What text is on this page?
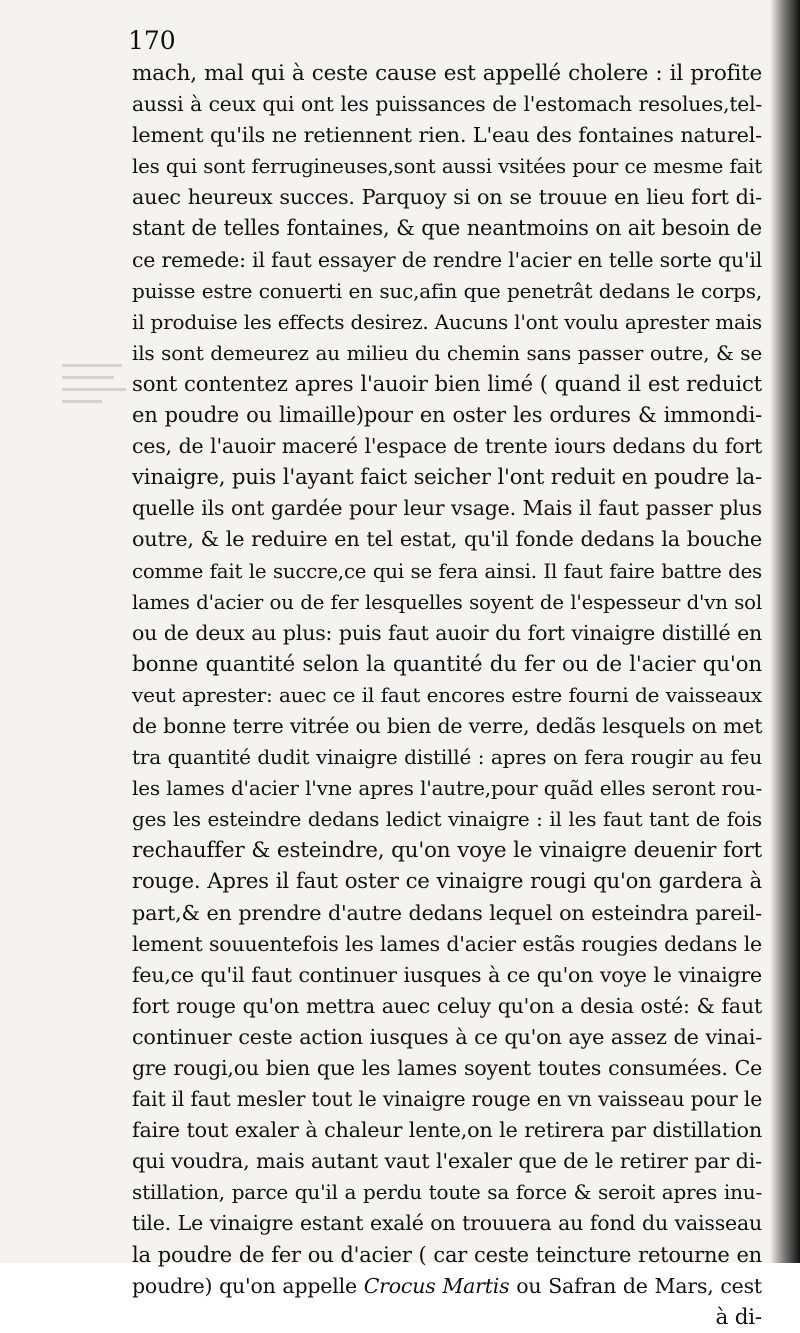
170
mach, mal qui à ceste cause est appellé cholere : il profite
aussi à ceux qui ont les puissances de l'estomach resolues,tel-
lement qu'ils ne retiennent rien. L'eau des fontaines naturel-
les qui sont ferrugineuses,sont aussi vsitées pour ce mesme fait
auec heureux succes. Parquoy si on se trouue en lieu fort di-
stant de telles fontaines, & que neantmoins on ait besoin de
ce remede: il faut essayer de rendre l'acier en telle sorte qu'il
puisse estre conuerti en suc,afin que penetrât dedans le corps,
il produise les effects desirez. Aucuns l'ont voulu aprester mais
ils sont demeurez au milieu du chemin sans passer outre, & se
sont contentez apres l'auoir bien limé ( quand il est reduict
en poudre ou limaille)pour en oster les ordures & immondi-
ces, de l'auoir maceré l'espace de trente iours dedans du fort
vinaigre, puis l'ayant faict seicher l'ont reduit en poudre la-
quelle ils ont gardée pour leur vsage. Mais il faut passer plus
outre, & le reduire en tel estat, qu'il fonde dedans la bouche
comme fait le succre,ce qui se fera ainsi. Il faut faire battre des
lames d'acier ou de fer lesquelles soyent de l'espesseur d'vn sol
ou de deux au plus: puis faut auoir du fort vinaigre distillé en
bonne quantité selon la quantité du fer ou de l'acier qu'on
veut aprester: auec ce il faut encores estre fourni de vaisseaux
de bonne terre vitrée ou bien de verre, dedãs lesquels on met
tra quantité dudit vinaigre distillé : apres on fera rougir au feu
les lames d'acier l'vne apres l'autre,pour quãd elles seront rou-
ges les esteindre dedans ledict vinaigre : il les faut tant de fois
rechauffer & esteindre, qu'on voye le vinaigre deuenir fort
rouge. Apres il faut oster ce vinaigre rougi qu'on gardera à
part,& en prendre d'autre dedans lequel on esteindra pareil-
lement souuentefois les lames d'acier estãs rougies dedans le
feu,ce qu'il faut continuer iusques à ce qu'on voye le vinaigre
fort rouge qu'on mettra auec celuy qu'on a desia osté: & faut
continuer ceste action iusques à ce qu'on aye assez de vinai-
gre rougi,ou bien que les lames soyent toutes consumées. Ce
fait il faut mesler tout le vinaigre rouge en vn vaisseau pour le
faire tout exaler à chaleur lente,on le retirera par distillation
qui voudra, mais autant vaut l'exaler que de le retirer par di-
stillation, parce qu'il a perdu toute sa force & seroit apres inu-
tile. Le vinaigre estant exalé on trouuera au fond du vaisseau
la poudre de fer ou d'acier ( car ceste teincture retourne en
poudre) qu'on appelle Crocus Martis ou Safran de Mars, cest
à di-
